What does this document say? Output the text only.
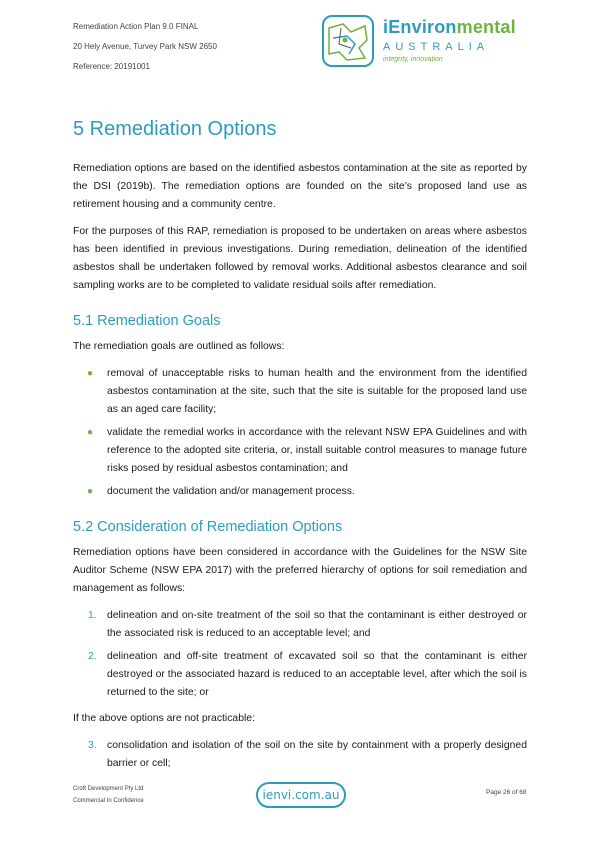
Remediation Action Plan 9.0 FINAL
20 Hely Avenue, Turvey Park NSW 2650
Reference: 20191001
iEnvironmental
AUSTRALIA
integrity, innovation
5 Remediation Options

Remediation options are based on the identified asbestos contamination at the site as reported by the DSI (2019b). The remediation options are founded on the site’s proposed land use as retirement housing and a community centre.

For the purposes of this RAP, remediation is proposed to be undertaken on areas where asbestos has been identified in previous investigations. During remediation, delineation of the identified asbestos shall be undertaken followed by removal works. Additional asbestos clearance and soil sampling works are to be completed to validate residual soils after remediation.

5.1 Remediation Goals

The remediation goals are outlined as follows:

● removal of unacceptable risks to human health and the environment from the identified asbestos contamination at the site, such that the site is suitable for the proposed land use as an aged care facility;
● validate the remedial works in accordance with the relevant NSW EPA Guidelines and with reference to the adopted site criteria, or, install suitable control measures to manage future risks posed by residual asbestos contamination; and
● document the validation and/or management process.
5.2 Consideration of Remediation Options

Remediation options have been considered in accordance with the Guidelines for the NSW Site Auditor Scheme (NSW EPA 2017) with the preferred hierarchy of options for soil remediation and management as follows:

1. delineation and on-site treatment of the soil so that the contaminant is either destroyed or the associated risk is reduced to an acceptable level; and
2. delineation and off-site treatment of excavated soil so that the contaminant is either destroyed or the associated hazard is reduced to an acceptable level, after which the soil is returned to the site; or

If the above options are not practicable:

3. consolidation and isolation of the soil on the site by containment with a properly designed barrier or cell;
Croft Development Pty Ltd
Commercial In Confidence	ienvi.com.au	Page 26 of 68
